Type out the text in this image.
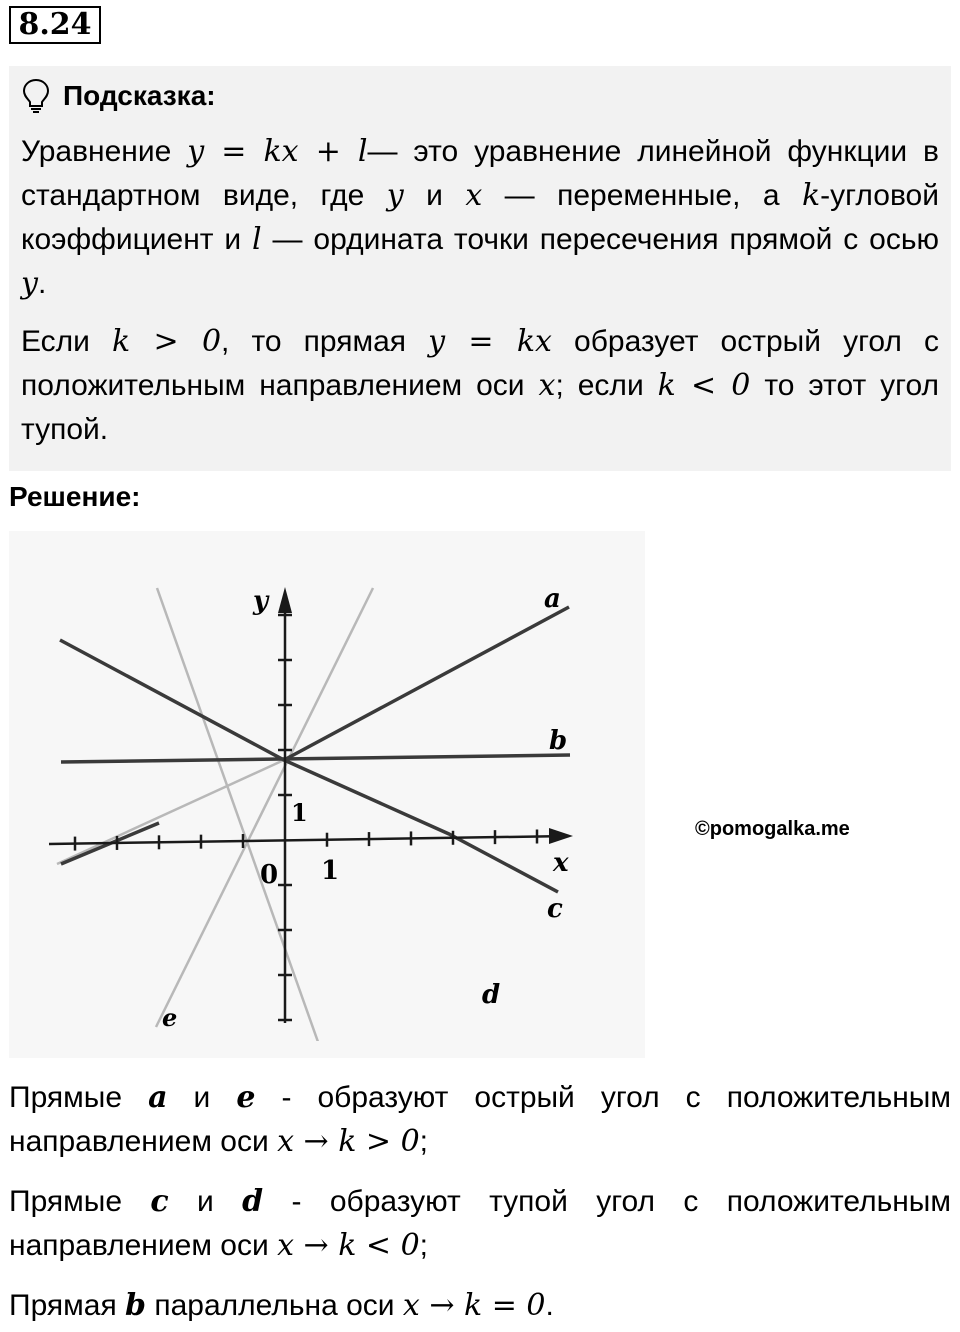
8.24
Подсказка:

Уравнение y = kx + l— это уравнение линейной функции в стандартном виде, где y и x — переменные, а k-угловой коэффициент и l — ордината точки пересечения прямой с осью y.

Если k > 0, то прямая y = kx образует острый угол с положительным направлением оси x; если k < 0 то этот угол тупой.

Решение:
y
x
0 1
1
a
b
c
d
e
©pomogalka.me

Прямые a и e - образуют острый угол с положительным направлением оси x → k > 0;

Прямые c и d - образуют тупой угол с положительным направлением оси x → k < 0;

Прямая b параллельна оси x → k = 0.
